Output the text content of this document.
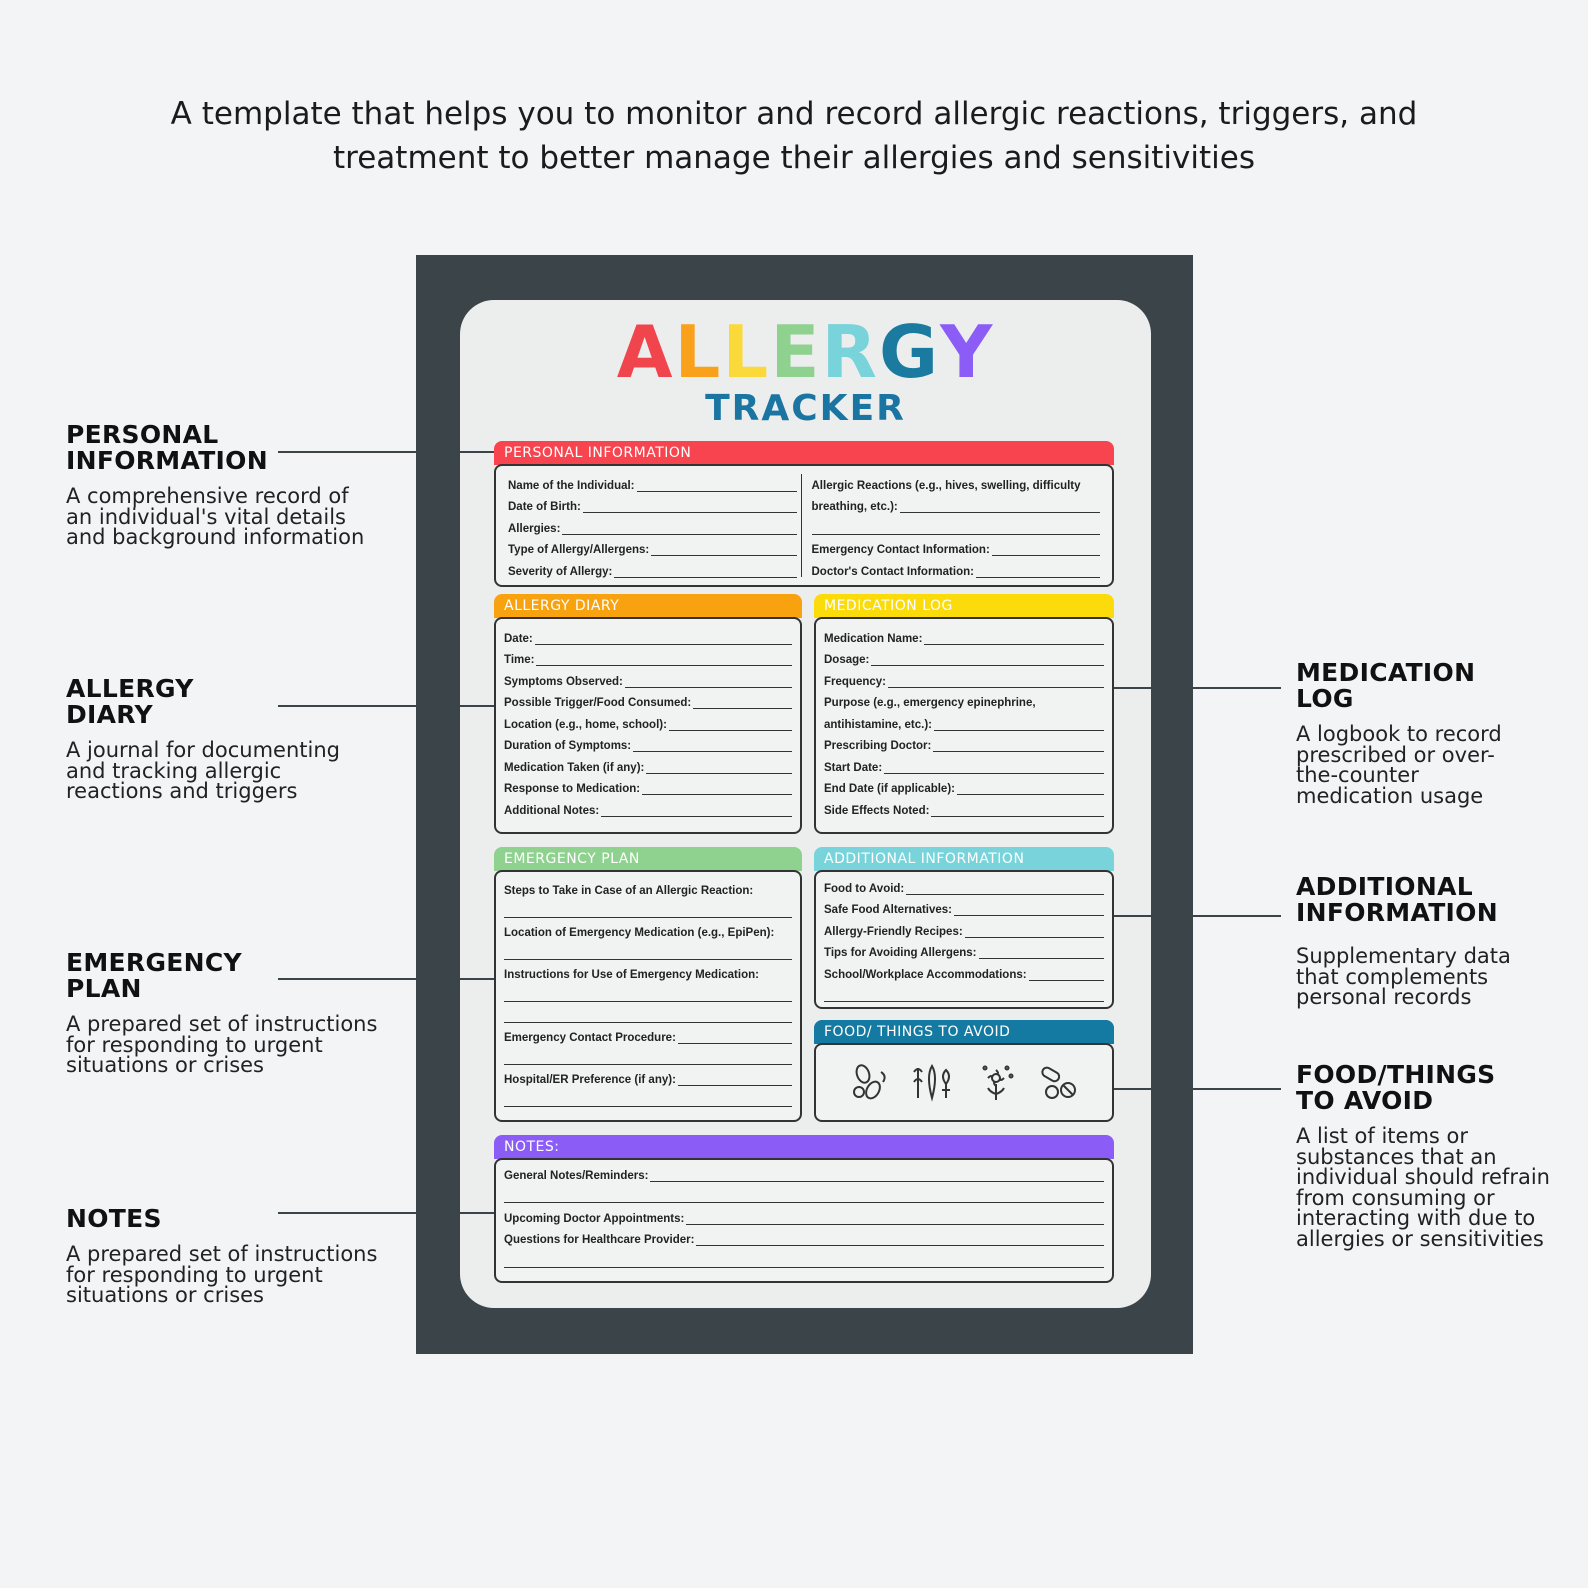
A template that helps you to monitor and record allergic reactions, triggers, and treatment to better manage their allergies and sensitivities
ALLERGY
TRACKER
PERSONAL INFORMATION
Name of the Individual:
Date of Birth:
Allergies:
Type of Allergy/Allergens:
Severity of Allergy:
Allergic Reactions (e.g., hives, swelling, difficulty
breathing, etc.):
Emergency Contact Information:
Doctor's Contact Information:
ALLERGY DIARY
Date:
Time:
Symptoms Observed:
Possible Trigger/Food Consumed:
Location (e.g., home, school):
Duration of Symptoms:
Medication Taken (if any):
Response to Medication:
Additional Notes:
MEDICATION LOG
Medication Name:
Dosage:
Frequency:
Purpose (e.g., emergency epinephrine,
antihistamine, etc.):
Prescribing Doctor:
Start Date:
End Date (if applicable):
Side Effects Noted:
EMERGENCY PLAN
Steps to Take in Case of an Allergic Reaction:
Location of Emergency Medication (e.g., EpiPen):
Instructions for Use of Emergency Medication:
Emergency Contact Procedure:
Hospital/ER Preference (if any):
ADDITIONAL INFORMATION
Food to Avoid:
Safe Food Alternatives:
Allergy-Friendly Recipes:
Tips for Avoiding Allergens:
School/Workplace Accommodations:
FOOD/ THINGS TO AVOID
NOTES:
General Notes/Reminders:
Upcoming Doctor Appointments:
Questions for Healthcare Provider:
PERSONAL INFORMATION

A comprehensive record of an individual's vital details and background information

ALLERGY DIARY

A journal for documenting and tracking allergic reactions and triggers

EMERGENCY PLAN

A prepared set of instructions for responding to urgent situations or crises

NOTES

A prepared set of instructions for responding to urgent situations or crises

MEDICATION LOG

A logbook to record prescribed or over-the-counter medication usage

ADDITIONAL INFORMATION

Supplementary data that complements personal records

FOOD/THINGS TO AVOID

A list of items or substances that an individual should refrain from consuming or interacting with due to allergies or sensitivities
